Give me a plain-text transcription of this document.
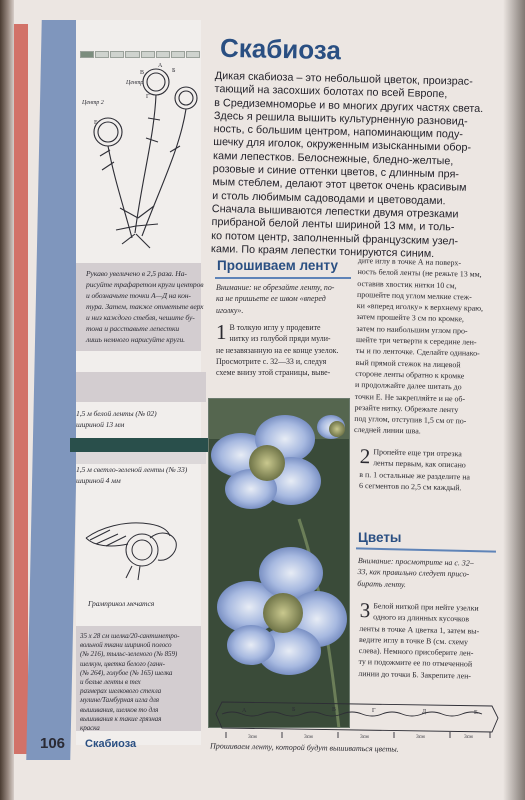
Центр
А
Б
В
Г
Центр 2
Е

Рукаво увеличено в 2,5 раза. На-

рисуйте трафаретом круги центров

и обозначьте точки А—Д на кон-

тура. Затем, также отметьте верх

и низ каждого стебля, чешите бу-

тона и расставьте лепестки

лишь немного нарисуйте круги.

1,5 м белой ленты (№ 02)

шириной 13 мм

1,5 м светло-зеленой ленты (№ 33)

шириной 4 мм

Грамприкол мечатся

35 х 28 см шелка/20-сантиметро-

вольной ткани шириной полосо

(№ 216), тыльс-зеленого (№ 859)

шелкун, цветка белого (ганн-

(№ 264), голубое (№ 165) шелка

и белые ленты в тех

размерах шелкового стекла

мулине/Тамбурная игла для

вышивания, шелков то для

вышивания к такие грязная

краска

Скабиоза

Дикая скабиоза – это небольшой цветок, произрас-

тающий на засохших болотах по всей Европе,

в Средиземноморье и во многих других частях света.

Здесь я решила вышить культурненную разновид-

ность, с большим центром, напоминающим поду-

шечку для иголок, окруженным изысканными обор-

ками лепестков. Белоснежные, бледно-желтые,

розовые и синие оттенки цветов, с длинным пря-

мым стеблем, делают этот цветок очень красивым

и столь любимым садоводами и цветоводами.

Сначала вышиваются лепестки двумя отрезками

прибраной белой ленты шириной 13 мм, и толь-

ко потом центр, заполненный французским узел-

ками. По краям лепестки тонируются синим.

Прошиваем ленту

Внимание: не обрезайте ленту, по-

ка не пришьете ее швом «вперед

иголку».

1 В толкую иглу у продевите

нитку из голубой пряди мули-

не незавязанную на ее конце узелок.

Просмотрите с. 32—33 и, следуя

схеме внизу этой страницы, выве-

дите иглу в точке А на поверх-

ность белой ленты (не режьте 13 мм,

оставив хвостик нитки 10 см,

прошейте под углом мелкие стеж-

ки «вперед иголку» к верхнему краю,

затем прошейте 3 см по кромке,

затем по наибольшим углом про-

шейте три четверти к середине лен-

ты и по ленточке. Сделайте одинако-

вый прямой стежок на лицевой

стороне ленты обратно к кромке

и продолжайте далее шитать до

точки Е. Не закрепляйте и не об-

резайте нитку. Обрежьте ленту

под углом, отступив 1,5 см от по-

следней линии шва.

2 Пропейте еще три отрезка

ленты первым, как описано

в п. 1 остальные же разделите на

6 сегментов по 2,5 см каждый.

Цветы

Внимание: просмотрите на с. 32–

33, как правильно следует присо-

бирать ленту.

3 Белой ниткой при нейте узелки

одного из длинных кусочков

ленты в точке А цветка 1, затем вы-

ведите иглу в точке В (см. схему

слева). Немного присоберите лен-

ту и подожмите ее по отмеченной

линии до точки Б. Закрепите лен-

А	Б	В	Г	Д	Е
3см	3см	3см	3см	3см
Прошиваем ленту, которой будут вышиваться цветы.
106 Скабиоза
